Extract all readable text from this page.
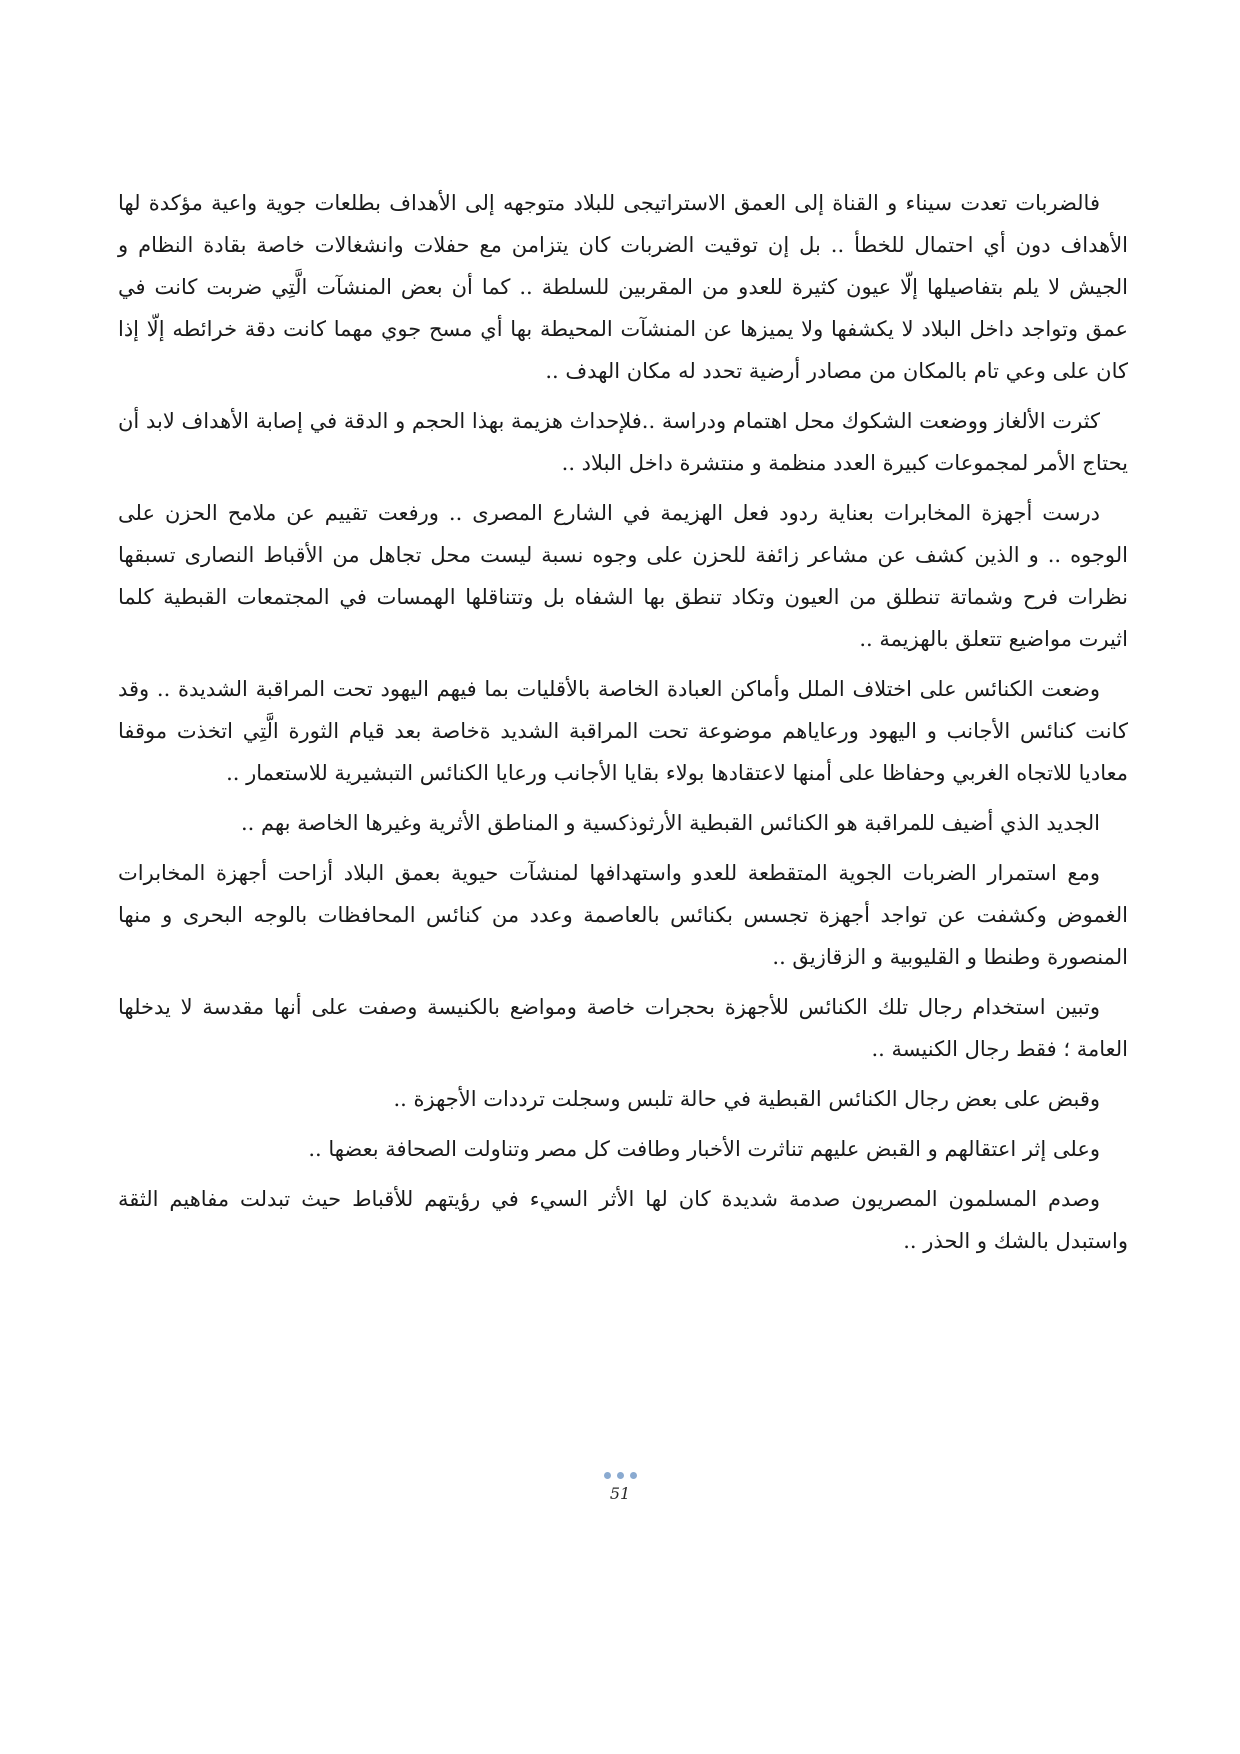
فالضربات تعدت سيناء و القناة إلى العمق الاستراتيجى للبلاد متوجهه إلى الأهداف بطلعات جوية واعية مؤكدة لها الأهداف دون أي احتمال للخطأ .. بل إن توقيت الضربات كان يتزامن مع حفلات وانشغالات خاصة بقادة النظام و الجيش لا يلم بتفاصيلها إلّا عيون كثيرة للعدو من المقربين للسلطة .. كما أن بعض المنشآت الَّتِي ضربت كانت في عمق وتواجد داخل البلاد لا يكشفها ولا يميزها عن المنشآت المحيطة بها أي مسح جوي مهما كانت دقة خرائطه إلّا إذا كان على وعي تام بالمكان من مصادر أرضية تحدد له مكان الهدف ..

كثرت الألغاز ووضعت الشكوك محل اهتمام ودراسة ..فلإحداث هزيمة بهذا الحجم و الدقة في إصابة الأهداف لابد أن يحتاج الأمر لمجموعات كبيرة العدد منظمة و منتشرة داخل البلاد ..

درست أجهزة المخابرات بعناية ردود فعل الهزيمة في الشارع المصرى .. ورفعت تقييم عن ملامح الحزن على الوجوه .. و الذين كشف عن مشاعر زائفة للحزن على وجوه نسبة ليست محل تجاهل من الأقباط النصارى تسبقها نظرات فرح وشماتة تنطلق من العيون وتكاد تنطق بها الشفاه بل وتتناقلها الهمسات في المجتمعات القبطية كلما اثيرت مواضيع تتعلق بالهزيمة ..

وضعت الكنائس على اختلاف الملل وأماكن العبادة الخاصة بالأقليات بما فيهم اليهود تحت المراقبة الشديدة .. وقد كانت كنائس الأجانب و اليهود ورعاياهم موضوعة تحت المراقبة الشديد ةخاصة بعد قيام الثورة الَّتِي اتخذت موقفا معاديا للاتجاه الغربي وحفاظا على أمنها لاعتقادها بولاء بقايا الأجانب ورعايا الكنائس التبشيرية للاستعمار ..

الجديد الذي أضيف للمراقبة هو الكنائس القبطية الأرثوذكسية و المناطق الأثرية وغيرها الخاصة بهم ..

ومع استمرار الضربات الجوية المتقطعة للعدو واستهدافها لمنشآت حيوية بعمق البلاد أزاحت أجهزة المخابرات الغموض وكشفت عن تواجد أجهزة تجسس بكنائس بالعاصمة وعدد من كنائس المحافظات بالوجه البحرى و منها المنصورة وطنطا و القليوبية و الزقازيق ..

وتبين استخدام رجال تلك الكنائس للأجهزة بحجرات خاصة ومواضع بالكنيسة وصفت على أنها مقدسة لا يدخلها العامة ؛ فقط رجال الكنيسة ..

وقبض على بعض رجال الكنائس القبطية في حالة تلبس وسجلت ترددات الأجهزة ..

وعلى إثر اعتقالهم و القبض عليهم تناثرت الأخبار وطافت كل مصر وتناولت الصحافة بعضها ..

وصدم المسلمون المصريون صدمة شديدة كان لها الأثر السيء في رؤيتهم للأقباط حيث تبدلت مفاهيم الثقة واستبدل بالشك و الحذر ..

51
